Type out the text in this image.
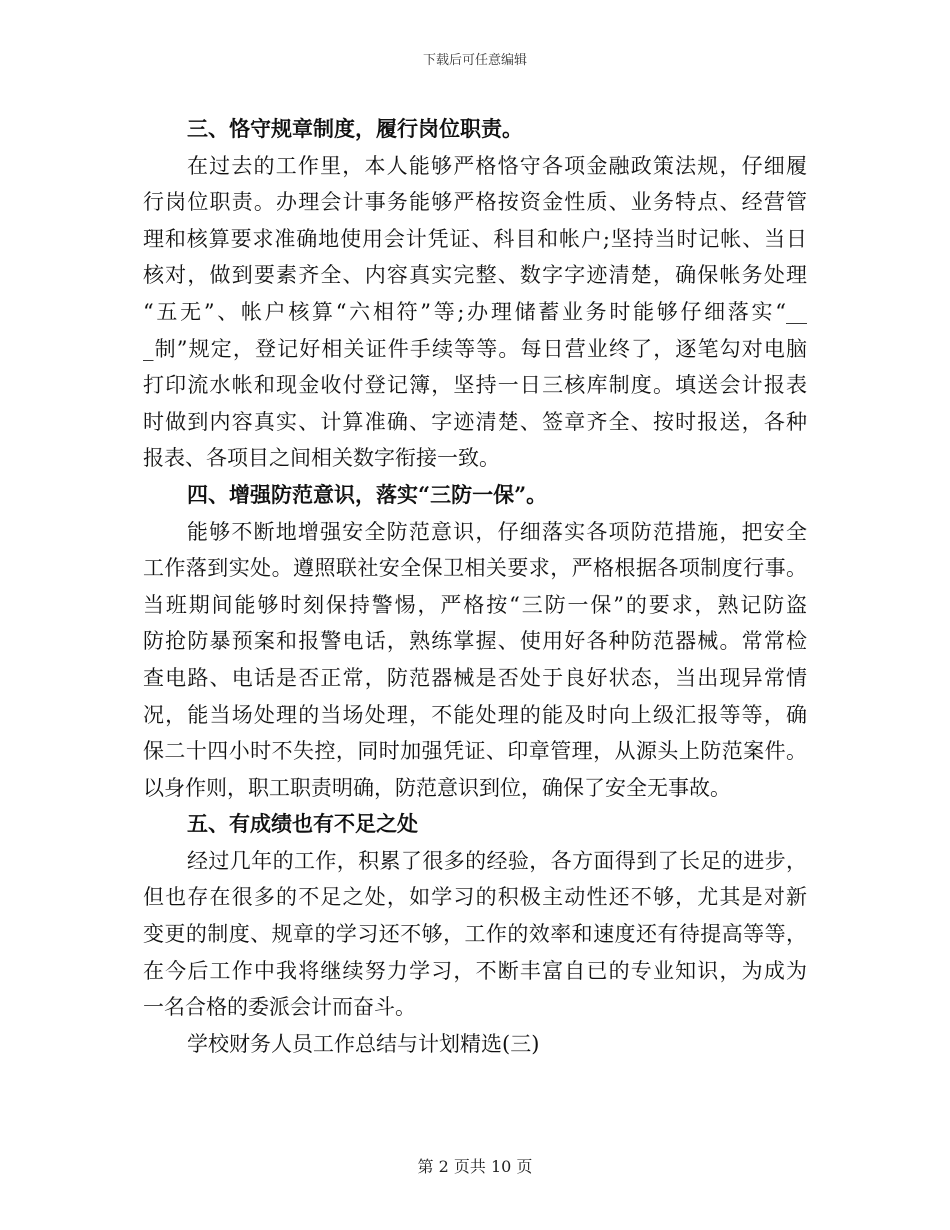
下载后可任意编辑
三、恪守规章制度，履行岗位职责。

在过去的工作里，本人能够严格恪守各项金融政策法规，仔细履
行岗位职责。办理会计事务能够严格按资金性质、业务特点、经营管
理和核算要求准确地使用会计凭证、科目和帐户;坚持当时记帐、当日
核对，做到要素齐全、内容真实完整、数字字迹清楚，确保帐务处理
“五无”、帐户核算“六相符”等;办理储蓄业务时能够仔细落实“__
_制”规定，登记好相关证件手续等等。每日营业终了，逐笔勾对电脑
打印流水帐和现金收付登记簿，坚持一日三核库制度。填送会计报表
时做到内容真实、计算准确、字迹清楚、签章齐全、按时报送，各种
报表、各项目之间相关数字衔接一致。

四、增强防范意识，落实“三防一保”。

能够不断地增强安全防范意识，仔细落实各项防范措施，把安全
工作落到实处。遵照联社安全保卫相关要求，严格根据各项制度行事。
当班期间能够时刻保持警惕，严格按“三防一保”的要求，熟记防盗
防抢防暴预案和报警电话，熟练掌握、使用好各种防范器械。常常检
查电路、电话是否正常，防范器械是否处于良好状态，当出现异常情
况，能当场处理的当场处理，不能处理的能及时向上级汇报等等，确
保二十四小时不失控，同时加强凭证、印章管理，从源头上防范案件。
以身作则，职工职责明确，防范意识到位，确保了安全无事故。

五、有成绩也有不足之处

经过几年的工作，积累了很多的经验，各方面得到了长足的进步，
但也存在很多的不足之处，如学习的积极主动性还不够，尤其是对新
变更的制度、规章的学习还不够，工作的效率和速度还有待提高等等，
在今后工作中我将继续努力学习，不断丰富自已的专业知识，为成为
一名合格的委派会计而奋斗。

学校财务人员工作总结与计划精选(三)

第 2 页共 10 页
